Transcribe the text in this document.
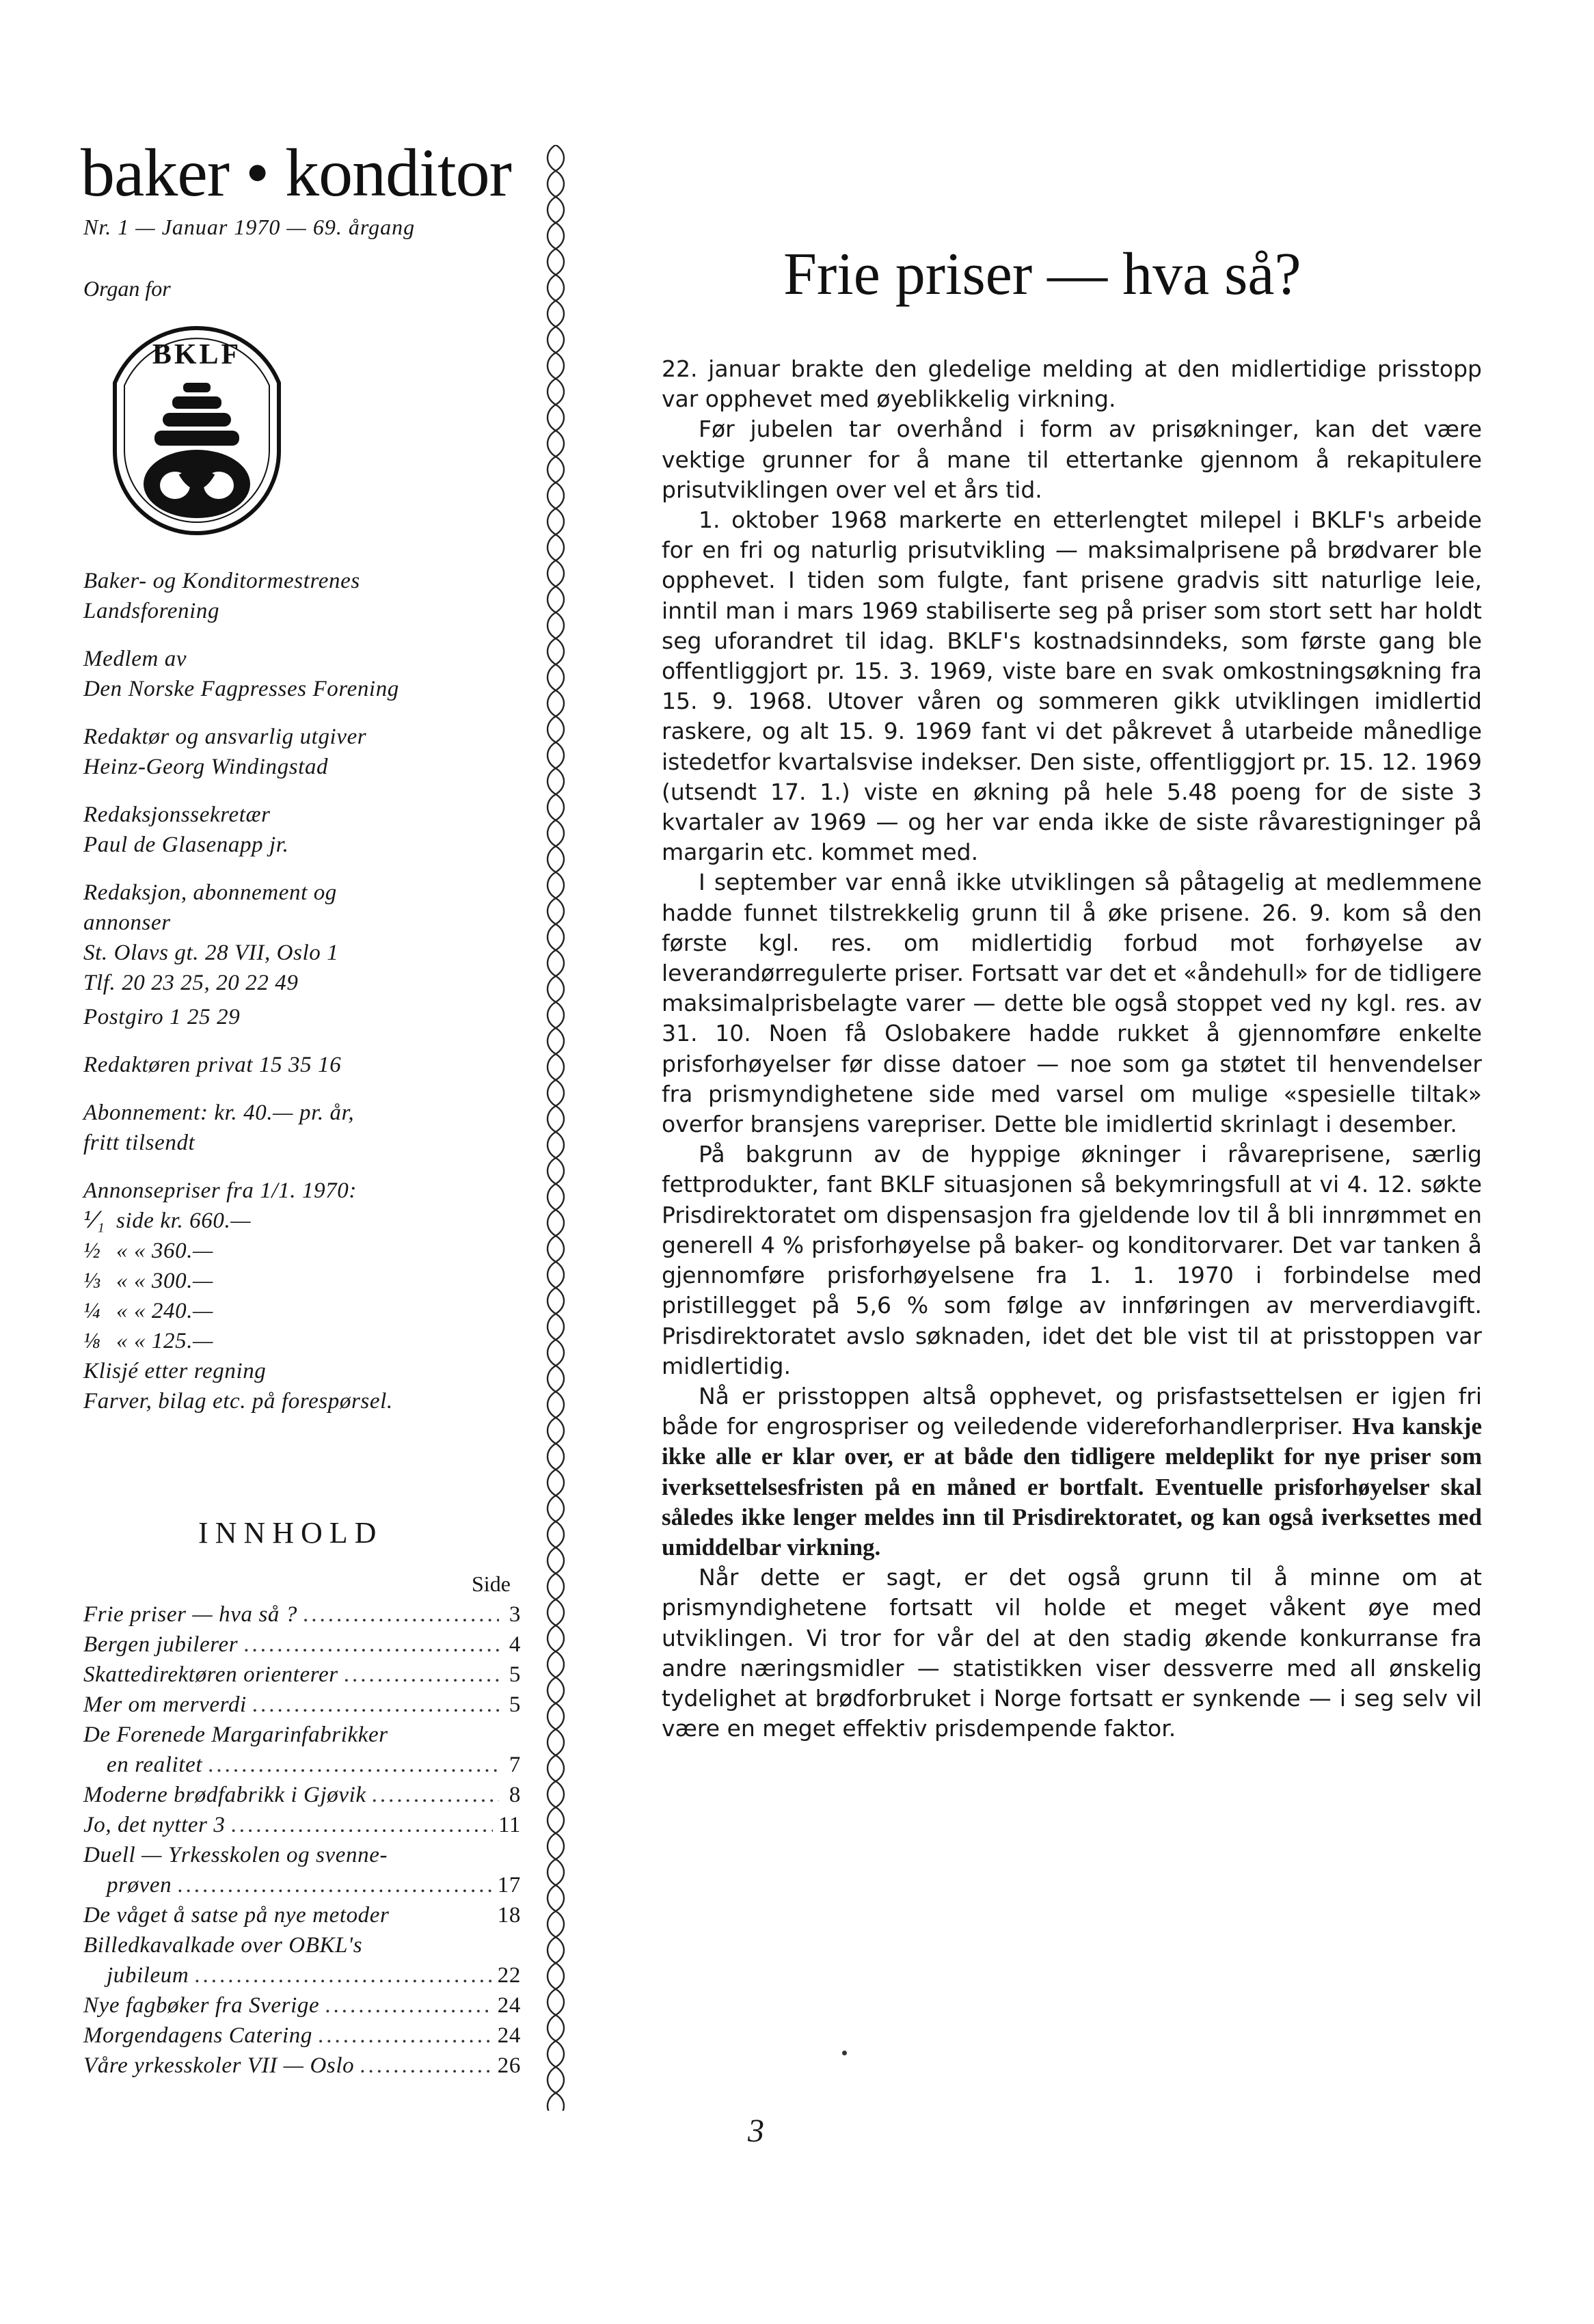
baker • konditor
Nr. 1 — Januar 1970 — 69. årgang
Organ for
BKLF
Baker- og Konditormestrenes
Landsforening
Medlem av
Den Norske Fagpresses Forening
Redaktør og ansvarlig utgiver
Heinz-Georg Windingstad
Redaksjonssekretær
Paul de Glasenapp jr.
Redaksjon, abonnement og
annonser
St. Olavs gt. 28 VII, Oslo 1
Tlf. 20 23 25, 20 22 49
Postgiro 1 25 29
Redaktøren privat 15 35 16
Abonnement: kr. 40.— pr. år,
fritt tilsendt
Annonsepriser fra 1/1. 1970:
⅟₁ side kr. 660.—
½ « « 360.—
⅓ « « 300.—
¼ « « 240.—
⅛ « « 125.—
Klisjé etter regning
Farver, bilag etc. på forespørsel.
INNHOLD
Side
Frie priser — hva så ? .....	3
Bergen jubilerer .....	4
Skattedirektøren orienterer .....	5
Mer om merverdi .....	5
De Forenede Margarinfabrikker
en realitet .....	7
Moderne brødfabrikk i Gjøvik .....	8
Jo, det nytter 3 .....	11
Duell — Yrkesskolen og svenne-
prøven .....	17
De våget å satse på nye metoder	18
Billedkavalkade over OBKL's
jubileum .....	22
Nye fagbøker fra Sverige .....	24
Morgendagens Catering .....	24
Våre yrkesskoler VII — Oslo .....	26
Frie priser — hva så?

22. januar brakte den gledelige melding at den midlertidige prisstopp var opphevet med øyeblikkelig virkning.

Før jubelen tar overhånd i form av prisøkninger, kan det være vektige grunner for å mane til ettertanke gjennom å rekapitulere prisutviklingen over vel et års tid.

1. oktober 1968 markerte en etterlengtet milepel i BKLF's arbeide for en fri og naturlig prisutvikling — maksimalprisene på brødvarer ble opphevet. I tiden som fulgte, fant prisene gradvis sitt naturlige leie, inntil man i mars 1969 stabiliserte seg på priser som stort sett har holdt seg uforandret til idag. BKLF's kostnadsinndeks, som første gang ble offentliggjort pr. 15. 3. 1969, viste bare en svak omkostningsøkning fra 15. 9. 1968. Utover våren og sommeren gikk utviklingen imidlertid raskere, og alt 15. 9. 1969 fant vi det påkrevet å utarbeide månedlige istedetfor kvartalsvise indekser. Den siste, offentliggjort pr. 15. 12. 1969 (utsendt 17. 1.) viste en økning på hele 5.48 poeng for de siste 3 kvartaler av 1969 — og her var enda ikke de siste råvarestigninger på margarin etc. kommet med.

I september var ennå ikke utviklingen så påtagelig at medlemmene hadde funnet tilstrekkelig grunn til å øke prisene. 26. 9. kom så den første kgl. res. om midlertidig forbud mot forhøyelse av leverandørregulerte priser. Fortsatt var det et «åndehull» for de tidligere maksimalprisbelagte varer — dette ble også stoppet ved ny kgl. res. av 31. 10. Noen få Oslobakere hadde rukket å gjennomføre enkelte prisforhøyelser før disse datoer — noe som ga støtet til henvendelser fra prismyndighetene side med varsel om mulige «spesielle tiltak» overfor bransjens varepriser. Dette ble imidlertid skrinlagt i desember.

På bakgrunn av de hyppige økninger i råvareprisene, særlig fettprodukter, fant BKLF situasjonen så bekymringsfull at vi 4. 12. søkte Prisdirektoratet om dispensasjon fra gjeldende lov til å bli innrømmet en generell 4 % prisforhøyelse på baker- og konditorvarer. Det var tanken å gjennomføre prisforhøyelsene fra 1. 1. 1970 i forbindelse med pristillegget på 5,6 % som følge av innføringen av merverdiavgift. Prisdirektoratet avslo søknaden, idet det ble vist til at prisstoppen var midlertidig.

Nå er prisstoppen altså opphevet, og prisfastsettelsen er igjen fri både for engrospriser og veiledende videreforhandlerpriser. Hva kanskje ikke alle er klar over, er at både den tidligere meldeplikt for nye priser som iverksettelsesfristen på en måned er bortfalt. Eventuelle prisforhøyelser skal således ikke lenger meldes inn til Prisdirektoratet, og kan også iverksettes med umiddelbar virkning.

Når dette er sagt, er det også grunn til å minne om at prismyndighetene fortsatt vil holde et meget våkent øye med utviklingen. Vi tror for vår del at den stadig økende konkurranse fra andre næringsmidler — statistikken viser dessverre med all ønskelig tydelighet at brødforbruket i Norge fortsatt er synkende — i seg selv vil være en meget effektiv prisdempende faktor.

3
